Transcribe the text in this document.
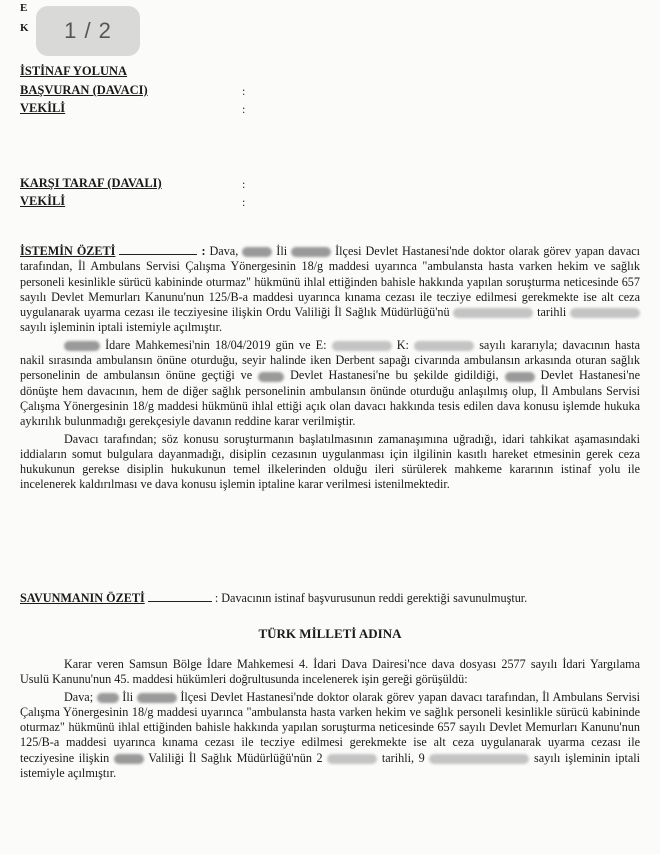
1 / 2
E
K
İSTİNAF YOLUNA
BAŞVURAN (DAVACI)	:
VEKİLİ	:
KARŞI TARAF (DAVALI)	:
VEKİLİ	:

İSTEMİN ÖZETİ	: Dava,	İli	İlçesi Devlet Hastanesi'nde doktor olarak görev yapan davacı tarafından, İl Ambulans Servisi Çalışma Yönergesinin 18/g maddesi uyarınca "ambulansta hasta varken hekim ve sağlık personeli kesinlikle sürücü kabininde oturmaz" hükmünü ihlal ettiğinden bahisle hakkında yapılan soruşturma neticesinde 657 sayılı Devlet Memurları Kanunu'nun 125/B-a maddesi uyarınca kınama cezası ile tecziye edilmesi gerekmekte ise alt ceza uygulanarak uyarma cezası ile tecziyesine ilişkin Ordu Valiliği İl Sağlık Müdürlüğü'nü	tarihli  sayılı işleminin iptali istemiyle açılmıştır.

İdare Mahkemesi'nin 18/04/2019 gün ve E:	K:	sayılı kararıyla; davacının hasta nakil sırasında ambulansın önüne oturduğu, seyir halinde iken Derbent sapağı civarında ambulansın arkasında oturan sağlık personelinin de ambulansın önüne geçtiği ve	Devlet Hastanesi'ne bu şekilde gidildiği,	Devlet Hastanesi'ne dönüşte hem davacının, hem de diğer sağlık personelinin ambulansın önünde oturduğu anlaşılmış olup, İl Ambulans Servisi Çalışma Yönergesinin 18/g maddesi hükmünü ihlal ettiği açık olan davacı hakkında tesis edilen dava konusu işlemde hukuka aykırılık bulunmadığı gerekçesiyle davanın reddine karar verilmiştir.

Davacı tarafından; söz konusu soruşturmanın başlatılmasının zamanaşımına uğradığı, idari tahkikat aşamasındaki iddiaların somut bulgulara dayanmadığı, disiplin cezasının uygulanması için ilgilinin kasıtlı hareket etmesinin gerek ceza hukukunun gerekse disiplin hukukunun temel ilkelerinden olduğu ileri sürülerek mahkeme kararının istinaf yolu ile incelenerek kaldırılması ve dava konusu işlemin iptaline karar verilmesi istenilmektedir.

SAVUNMANIN ÖZETİ	: Davacının istinaf başvurusunun reddi gerektiği savunulmuştur.

TÜRK MİLLETİ ADINA

Karar veren Samsun Bölge İdare Mahkemesi 4. İdari Dava Dairesi'nce dava dosyası 2577 sayılı İdari Yargılama Usulü Kanunu'nun 45. maddesi hükümleri doğrultusunda incelenerek işin gereği görüşüldü:

Dava; İli	İlçesi Devlet Hastanesi'nde doktor olarak görev yapan davacı tarafından, İl Ambulans Servisi Çalışma Yönergesinin 18/g maddesi uyarınca "ambulansta hasta varken hekim ve sağlık personeli kesinlikle sürücü kabininde oturmaz" hükmünü ihlal ettiğinden bahisle hakkında yapılan soruşturma neticesinde 657 sayılı Devlet Memurları Kanunu'nun 125/B-a maddesi uyarınca kınama cezası ile tecziye edilmesi gerekmekte ise alt ceza uygulanarak uyarma cezası ile tecziyesine ilişkin	Valiliği İl Sağlık Müdürlüğü'nün 2	tarihli, 9	sayılı işleminin iptali istemiyle açılmıştır.
